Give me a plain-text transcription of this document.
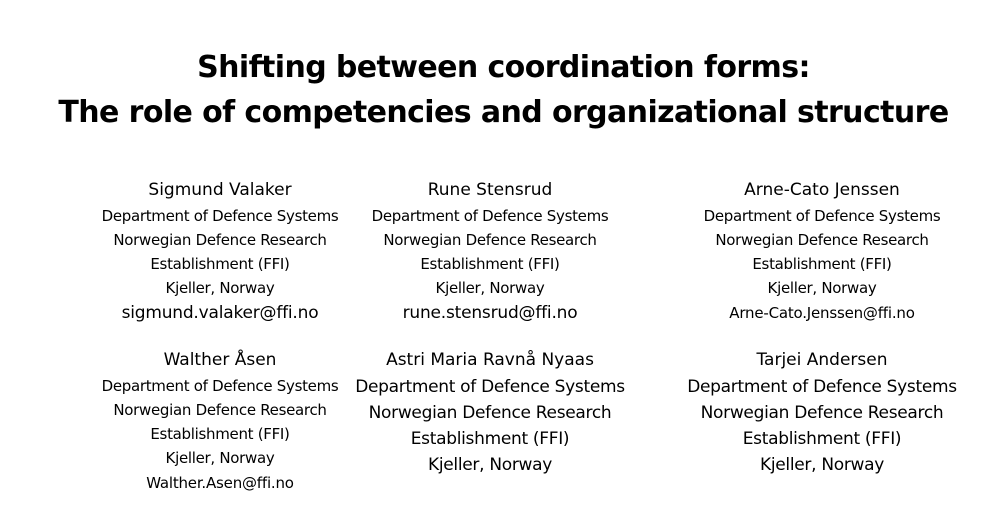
Shifting between coordination forms:
The role of competencies and organizational structure
Sigmund Valaker
Department of Defence Systems
Norwegian Defence Research
Establishment (FFI)
Kjeller, Norway
sigmund.valaker@ffi.no
Rune Stensrud
Department of Defence Systems
Norwegian Defence Research
Establishment (FFI)
Kjeller, Norway
rune.stensrud@ffi.no
Arne-Cato Jenssen
Department of Defence Systems
Norwegian Defence Research
Establishment (FFI)
Kjeller, Norway
Arne-Cato.Jenssen@ffi.no
Walther Åsen
Department of Defence Systems
Norwegian Defence Research
Establishment (FFI)
Kjeller, Norway
Walther.Asen@ffi.no
Astri Maria Ravnå Nyaas
Department of Defence Systems
Norwegian Defence Research
Establishment (FFI)
Kjeller, Norway
Tarjei Andersen
Department of Defence Systems
Norwegian Defence Research
Establishment (FFI)
Kjeller, Norway
